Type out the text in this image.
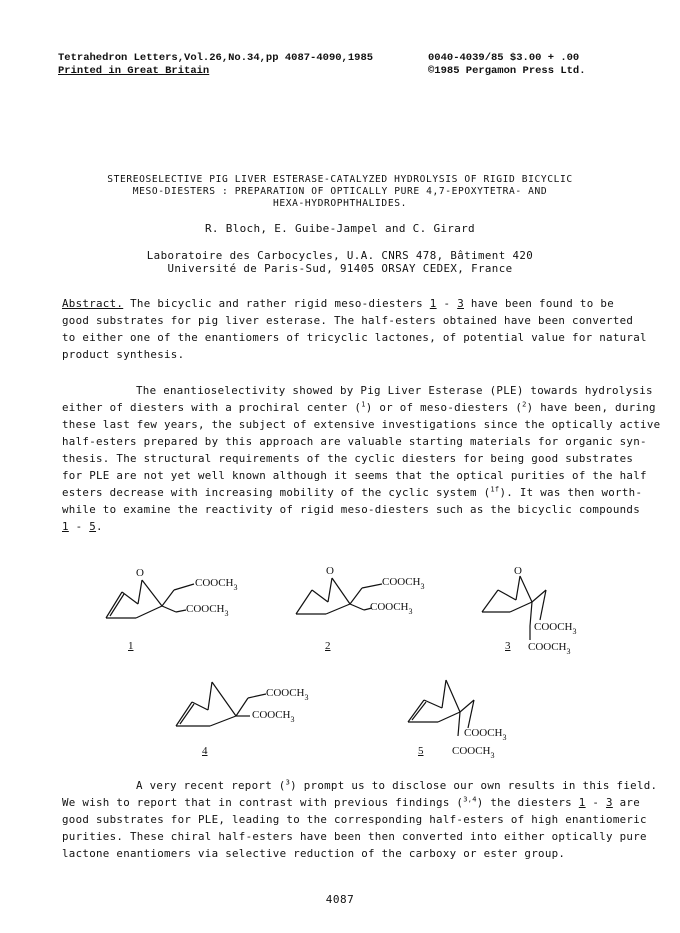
Tetrahedron Letters,Vol.26,No.34,pp 4087-4090,1985
Printed in Great Britain
0040-4039/85 $3.00 + .00
©1985 Pergamon Press Ltd.
STEREOSELECTIVE PIG LIVER ESTERASE-CATALYZED HYDROLYSIS OF RIGID BICYCLIC
MESO-DIESTERS : PREPARATION OF OPTICALLY PURE 4,7-EPOXYTETRA- AND
HEXA-HYDROPHTHALIDES.
R. Bloch, E. Guibe-Jampel and C. Girard
Laboratoire des Carbocycles, U.A. CNRS 478, Bâtiment 420
Université de Paris-Sud, 91405 ORSAY CEDEX, France
Abstract. The bicyclic and rather rigid meso-diesters 1 - 3 have been found to be
good substrates for pig liver esterase. The half-esters obtained have been converted
to either one of the enantiomers of tricyclic lactones, of potential value for natural
product synthesis.
The enantioselectivity showed by Pig Liver Esterase (PLE) towards hydrolysis
either of diesters with a prochiral center ($^1$) or of meso-diesters ($^2$) have been, during
these last few years, the subject of extensive investigations since the optically active
half-esters prepared by this approach are valuable starting materials for organic syn-
thesis. The structural requirements of the cyclic diesters for being good substrates
for PLE are not yet well known although it seems that the optical purities of the half
esters decrease with increasing mobility of the cyclic system ($^{1f}$). It was then worth-
while to examine the reactivity of rigid meso-diesters such as the bicyclic compounds
1 - 5.
O
$COOCH_3$
$COOCH_3$
1
O
$COOCH_3$
$COOCH_3$
2
O
$COOCH_3$
$COOCH_3$
3
$COOCH_3$
$COOCH_3$
4
$COOCH_3$
$COOCH_3$
5
A very recent report ($^3$) prompt us to disclose our own results in this field.
We wish to report that in contrast with previous findings ($^{3,4}$) the diesters 1 - 3 are
good substrates for PLE, leading to the corresponding half-esters of high enantiomeric
purities. These chiral half-esters have been then converted into either optically pure
lactone enantiomers via selective reduction of the carboxy or ester group.
4087
